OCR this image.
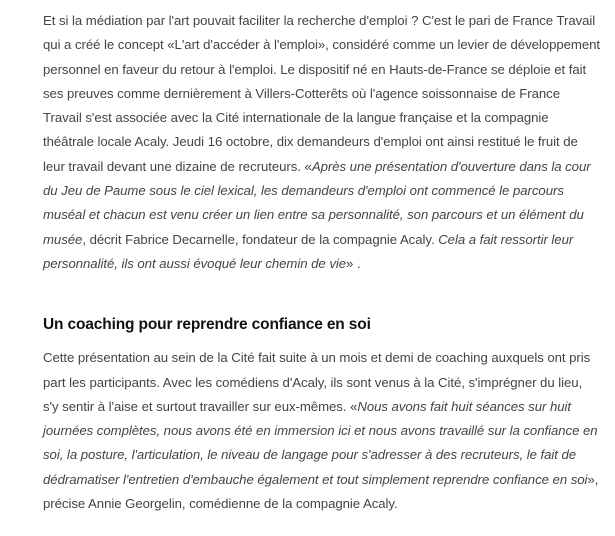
Et si la médiation par l'art pouvait faciliter la recherche d'emploi ? C'est le pari de France Travail qui a créé le concept «L'art d'accéder à l'emploi», considéré comme un levier de développement personnel en faveur du retour à l'emploi. Le dispositif né en Hauts-de-France se déploie et fait ses preuves comme dernièrement à Villers-Cotterêts où l'agence soissonnaise de France Travail s'est associée avec la Cité internationale de la langue française et la compagnie théâtrale locale Acaly. Jeudi 16 octobre, dix demandeurs d'emploi ont ainsi restitué le fruit de leur travail devant une dizaine de recruteurs. «Après une présentation d'ouverture dans la cour du Jeu de Paume sous le ciel lexical, les demandeurs d'emploi ont commencé le parcours muséal et chacun est venu créer un lien entre sa personnalité, son parcours et un élément du musée, décrit Fabrice Decarnelle, fondateur de la compagnie Acaly. Cela a fait ressortir leur personnalité, ils ont aussi évoqué leur chemin de vie» .

Un coaching pour reprendre confiance en soi

Cette présentation au sein de la Cité fait suite à un mois et demi de coaching auxquels ont pris part les participants. Avec les comédiens d'Acaly, ils sont venus à la Cité, s'imprégner du lieu, s'y sentir à l'aise et surtout travailler sur eux-mêmes. «Nous avons fait huit séances sur huit journées complètes, nous avons été en immersion ici et nous avons travaillé sur la confiance en soi, la posture, l'articulation, le niveau de langage pour s'adresser à des recruteurs, le fait de dédramatiser l'entretien d'embauche également et tout simplement reprendre confiance en soi», précise Annie Georgelin, comédienne de la compagnie Acaly.
